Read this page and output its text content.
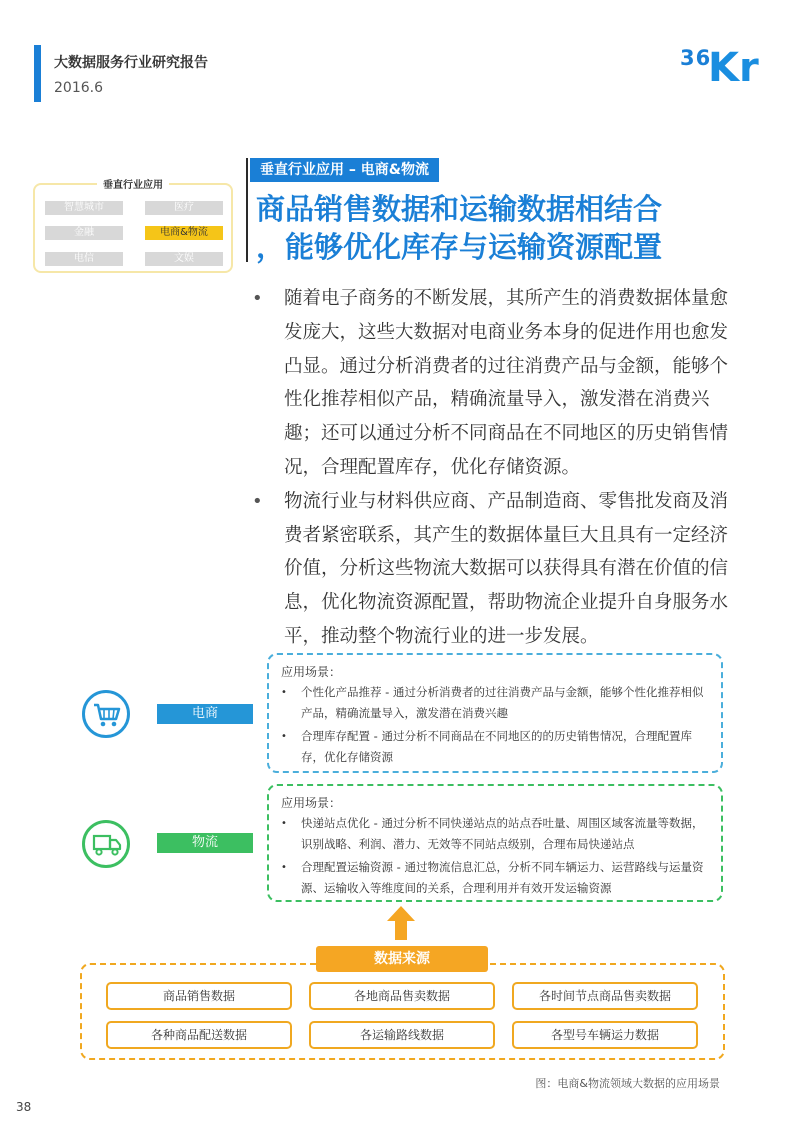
大数据服务行业研究报告
2016.6
36
Kr
垂直行业应用
智慧城市	医疗
金融	电商&物流
电信	文娱
垂直行业应用 – 电商&物流
商品销售数据和运输数据相结合
，能够优化库存与运输资源配置
• 随着电子商务的不断发展，其所产生的消费数据体量愈发庞大，这些大数据对电商业务本身的促进作用也愈发凸显。通过分析消费者的过往消费产品与金额，能够个性化推荐相似产品，精确流量导入，激发潜在消费兴趣；还可以通过分析不同商品在不同地区的历史销售情况，合理配置库存，优化存储资源。
• 物流行业与材料供应商、产品制造商、零售批发商及消费者紧密联系，其产生的数据体量巨大且具有一定经济价值，分析这些物流大数据可以获得具有潜在价值的信息，优化物流资源配置，帮助物流企业提升自身服务水平，推动整个物流行业的进一步发展。
电商
应用场景：
• 个性化产品推荐 - 通过分析消费者的过往消费产品与金额，能够个性化推荐相似产品，精确流量导入，激发潜在消费兴趣
• 合理库存配置 - 通过分析不同商品在不同地区的的历史销售情况，合理配置库存，优化存储资源
物流
应用场景：
• 快递站点优化 - 通过分析不同快递站点的站点吞吐量、周围区域客流量等数据，识别战略、利润、潜力、无效等不同站点级别，合理布局快递站点
• 合理配置运输资源 - 通过物流信息汇总，分析不同车辆运力、运营路线与运量资源、运输收入等维度间的关系，合理利用并有效开发运输资源
商品销售数据	各地商品售卖数据	各时间节点商品售卖数据
各种商品配送数据	各运输路线数据	各型号车辆运力数据
数据来源
图：电商&物流领域大数据的应用场景
38
